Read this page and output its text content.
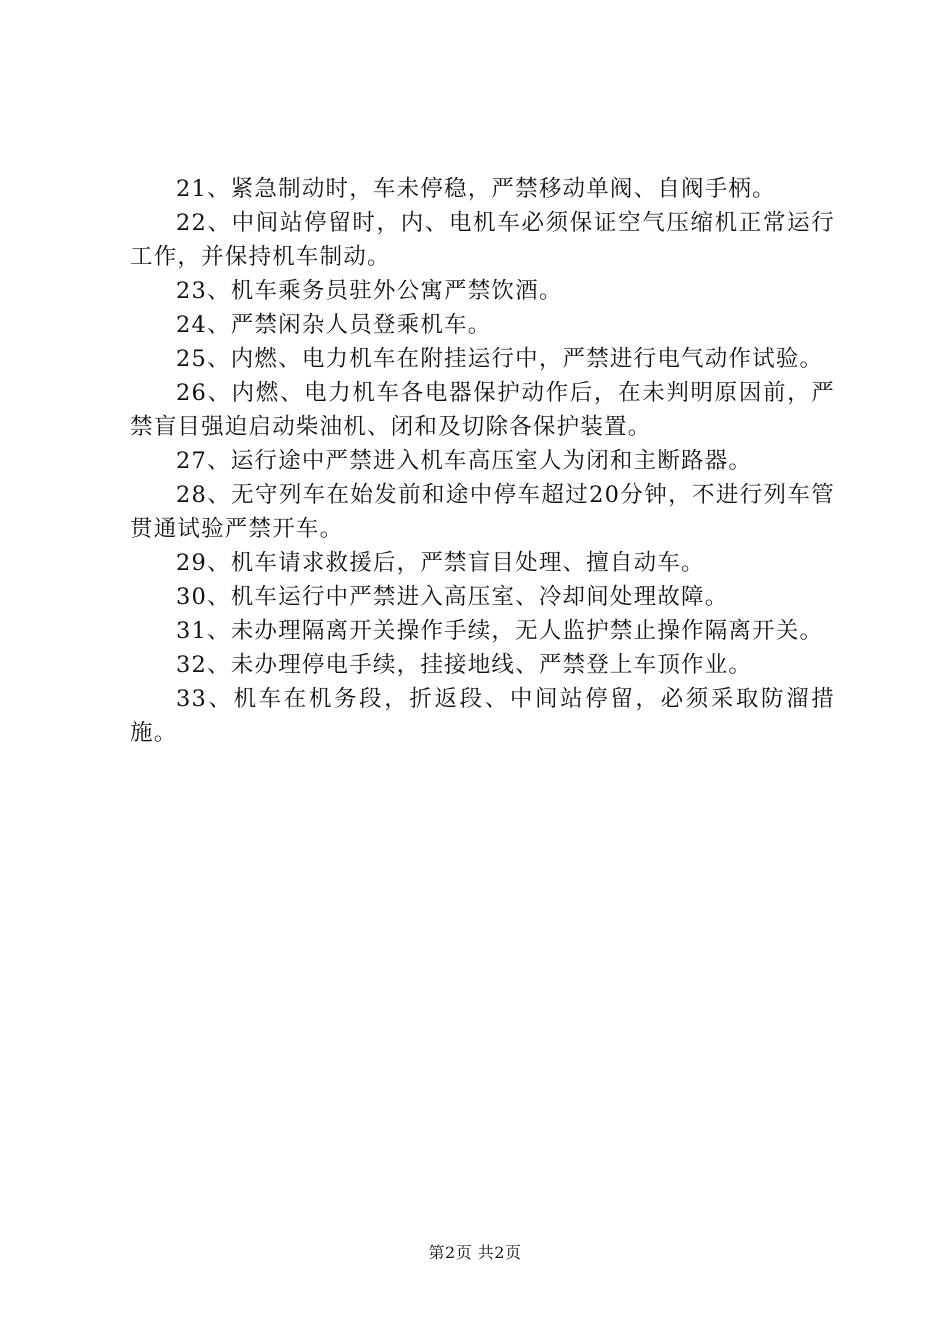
21、紧急制动时，车未停稳，严禁移动单阀、自阀手柄。

22、中间站停留时，内、电机车必须保证空气压缩机正常运行工作，并保持机车制动。

23、机车乘务员驻外公寓严禁饮酒。

24、严禁闲杂人员登乘机车。

25、内燃、电力机车在附挂运行中，严禁进行电气动作试验。

26、内燃、电力机车各电器保护动作后，在未判明原因前，严禁盲目强迫启动柴油机、闭和及切除各保护装置。

27、运行途中严禁进入机车高压室人为闭和主断路器。

28、无守列车在始发前和途中停车超过20分钟，不进行列车管贯通试验严禁开车。

29、机车请求救援后，严禁盲目处理、擅自动车。

30、机车运行中严禁进入高压室、冷却间处理故障。

31、未办理隔离开关操作手续，无人监护禁止操作隔离开关。

32、未办理停电手续，挂接地线、严禁登上车顶作业。

33、机车在机务段，折返段、中间站停留，必须采取防溜措施。

第2页 共2页
